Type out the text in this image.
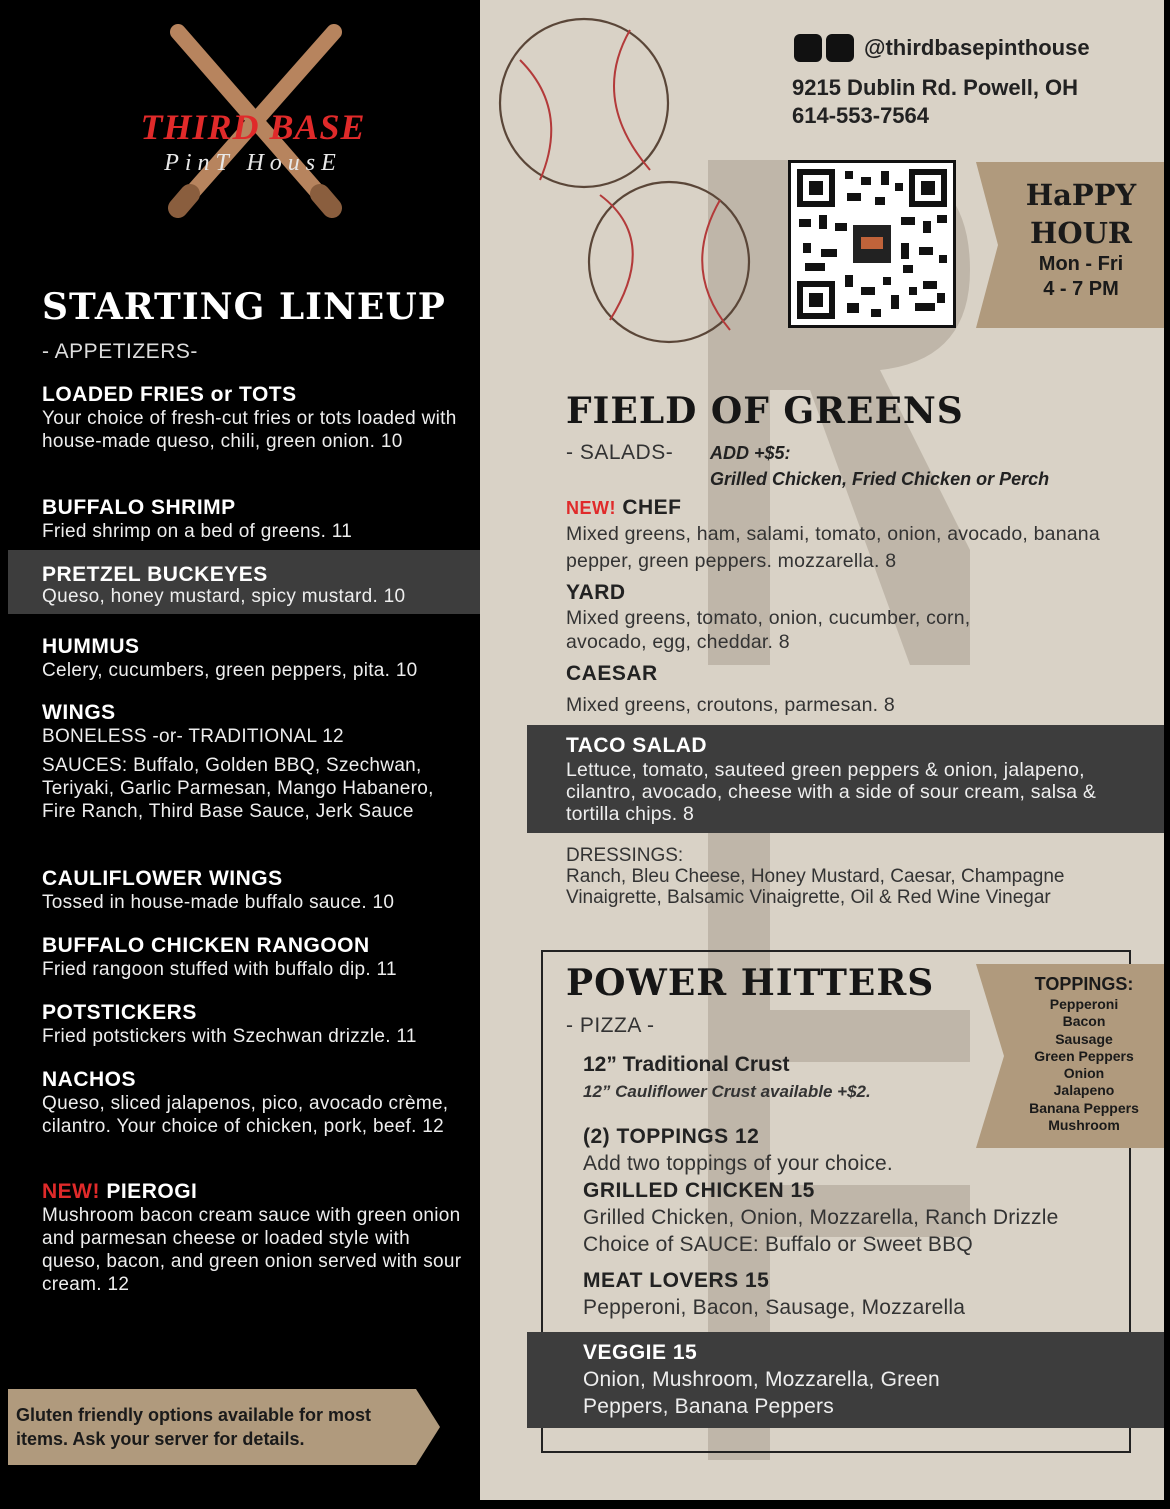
THIRD BASE
PinT HousE
STARTING LINEUP
- APPETIZERS-
LOADED FRIES or TOTS
Your choice of fresh-cut fries or tots loaded with house-made queso, chili, green onion. 10
BUFFALO SHRIMP
Fried shrimp on a bed of greens. 11
PRETZEL BUCKEYES
Queso, honey mustard, spicy mustard. 10
HUMMUS
Celery, cucumbers, green peppers, pita. 10
WINGS
BONELESS -or- TRADITIONAL 12
SAUCES: Buffalo, Golden BBQ, Szechwan, Teriyaki, Garlic Parmesan, Mango Habanero, Fire Ranch, Third Base Sauce, Jerk Sauce
CAULIFLOWER WINGS
Tossed in house-made buffalo sauce. 10
BUFFALO CHICKEN RANGOON
Fried rangoon stuffed with buffalo dip. 11
POTSTICKERS
Fried potstickers with Szechwan drizzle. 11
NACHOS
Queso, sliced jalapenos, pico, avocado crème, cilantro. Your choice of chicken, pork, beef. 12
NEW! PIEROGI
Mushroom bacon cream sauce with green onion and parmesan cheese or loaded style with queso, bacon, and green onion served with sour cream. 12
Gluten friendly options available for most items. Ask your server for details.
@thirdbasepinthouse
9215 Dublin Rd. Powell, OH
614-553-7564
HaPPY
HOUR
Mon - Fri
4 - 7 PM
FIELD OF GREENS
- SALADS- ADD +$5:
Grilled Chicken, Fried Chicken or Perch
NEW! CHEF
Mixed greens, ham, salami, tomato, onion, avocado, banana pepper, green peppers. mozzarella. 8
YARD
Mixed greens, tomato, onion, cucumber, corn, avocado, egg, cheddar. 8
CAESAR
Mixed greens, croutons, parmesan. 8
TACO SALAD
Lettuce, tomato, sauteed green peppers & onion, jalapeno, cilantro, avocado, cheese with a side of sour cream, salsa & tortilla chips. 8
DRESSINGS:
Ranch, Bleu Cheese, Honey Mustard, Caesar, Champagne Vinaigrette, Balsamic Vinaigrette, Oil & Red Wine Vinegar
POWER HITTERS
- PIZZA -
12” Traditional Crust
12” Cauliflower Crust available +$2.
(2) TOPPINGS 12
Add two toppings of your choice.
GRILLED CHICKEN 15
Grilled Chicken, Onion, Mozzarella, Ranch Drizzle Choice of SAUCE: Buffalo or Sweet BBQ
MEAT LOVERS 15
Pepperoni, Bacon, Sausage, Mozzarella
VEGGIE 15
Onion, Mushroom, Mozzarella, Green Peppers, Banana Peppers
TOPPINGS:
Pepperoni
Bacon
Sausage
Green Peppers
Onion
Jalapeno
Banana Peppers
Mushroom
